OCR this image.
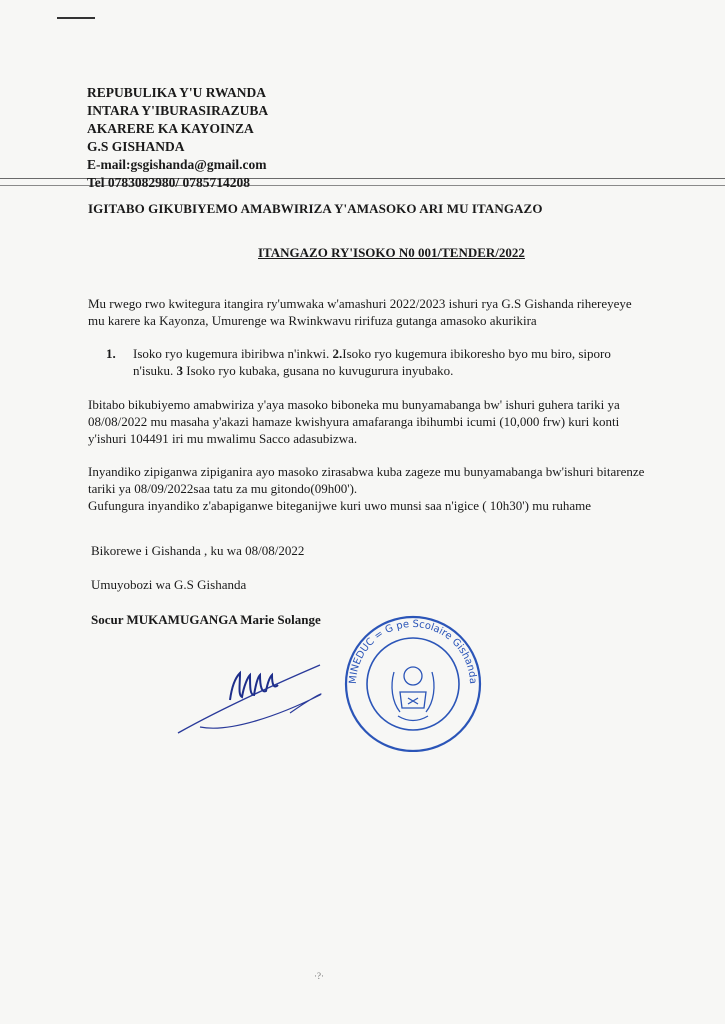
REPUBULIKA Y'U RWANDA
INTARA Y'IBURASIRAZUBA
AKARERE KA KAYOINZA
G.S GISHANDA
E-mail:gsgishanda@gmail.com
Tel 0783082980/ 0785714208
IGITABO GIKUBIYEMO AMABWIRIZA Y'AMASOKO ARI MU ITANGAZO
ITANGAZO RY'ISOKO N0 001/TENDER/2022
Mu rwego rwo kwitegura itangira ry'umwaka w'amashuri 2022/2023 ishuri rya G.S Gishanda rihereyeye mu karere ka Kayonza, Umurenge wa Rwinkwavu ririfuza gutanga amasoko akurikira
1. Isoko ryo kugemura ibiribwa n'inkwi. 2.Isoko ryo kugemura ibikoresho byo mu biro, siporo n'isuku. 3 Isoko ryo kubaka, gusana no kuvugurura inyubako.
Ibitabo bikubiyemo amabwiriza y'aya masoko biboneka mu bunyamabanga bw' ishuri guhera tariki ya 08/08/2022 mu masaha y'akazi hamaze kwishyura amafaranga ibihumbi icumi (10,000 frw) kuri konti y'ishuri 104491 iri mu mwalimu Sacco adasubizwa.
Inyandiko zipiganwa zipiganira ayo masoko zirasabwa kuba zageze mu bunyamabanga bw'ishuri bitarenze tariki ya 08/09/2022saa tatu za mu gitondo(09h00').
Gufungura inyandiko z'abapiganwe biteganijwe kuri uwo munsi saa n'igice ( 10h30') mu ruhame
Bikorewe i Gishanda , ku wa 08/08/2022
Umuyobozi wa G.S Gishanda
Socur MUKAMUGANGA Marie Solange
MINEDUC = G pe Scolaire Gishanda
·?·
